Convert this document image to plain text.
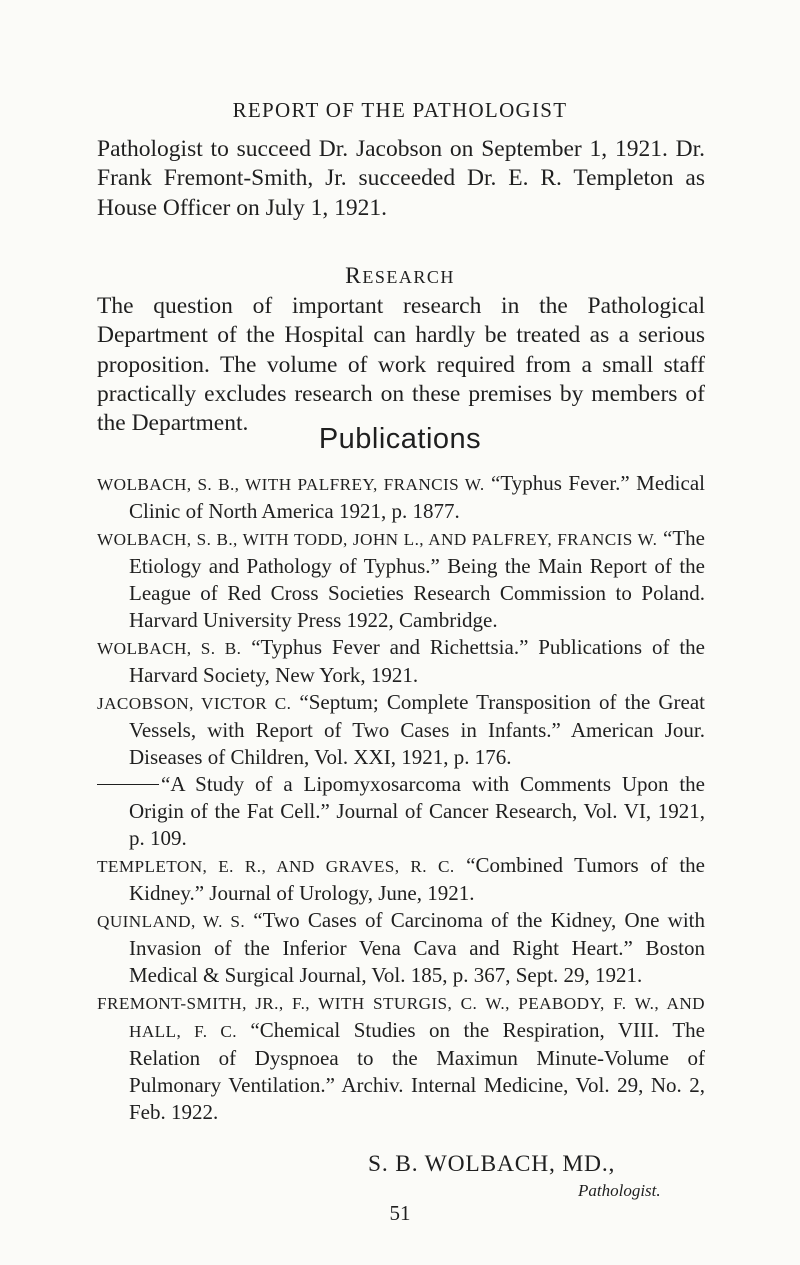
REPORT OF THE PATHOLOGIST
Pathologist to succeed Dr. Jacobson on September 1, 1921. Dr. Frank Fremont-Smith, Jr. succeeded Dr. E. R. Templeton as House Officer on July 1, 1921.
RESEARCH
The question of important research in the Pathological Department of the Hospital can hardly be treated as a serious proposition. The volume of work required from a small staff practically excludes research on these premises by members of the Department.	Publications

WOLBACH, S. B., WITH PALFREY, FRANCIS W. “Typhus Fever.” Medical Clinic of North America 1921, p. 1877.

WOLBACH, S. B., WITH TODD, JOHN L., AND PALFREY, FRANCIS W. “The Etiology and Pathology of Typhus.” Being the Main Report of the League of Red Cross Societies Research Commission to Poland. Harvard University Press 1922, Cambridge.

WOLBACH, S. B. “Typhus Fever and Richettsia.” Publications of the Harvard Society, New York, 1921.

JACOBSON, VICTOR C. “Septum; Complete Transposition of the Great Vessels, with Report of Two Cases in Infants.” American Jour. Diseases of Children, Vol. XXI, 1921, p. 176.

“A Study of a Lipomyxosarcoma with Comments Upon the Origin of the Fat Cell.” Journal of Cancer Research, Vol. VI, 1921, p. 109.

TEMPLETON, E. R., AND GRAVES, R. C. “Combined Tumors of the Kidney.” Journal of Urology, June, 1921.

QUINLAND, W. S. “Two Cases of Carcinoma of the Kidney, One with Invasion of the Inferior Vena Cava and Right Heart.” Boston Medical & Surgical Journal, Vol. 185, p. 367, Sept. 29, 1921.

FREMONT-SMITH, JR., F., WITH STURGIS, C. W., PEABODY, F. W., AND HALL, F. C. “Chemical Studies on the Respiration, VIII. The Relation of Dyspnoea to the Maximun Minute-Volume of Pulmonary Ventilation.” Archiv. Internal Medicine, Vol. 29, No. 2, Feb. 1922.

S. B. WOLBACH, MD.,
Pathologist.
51
